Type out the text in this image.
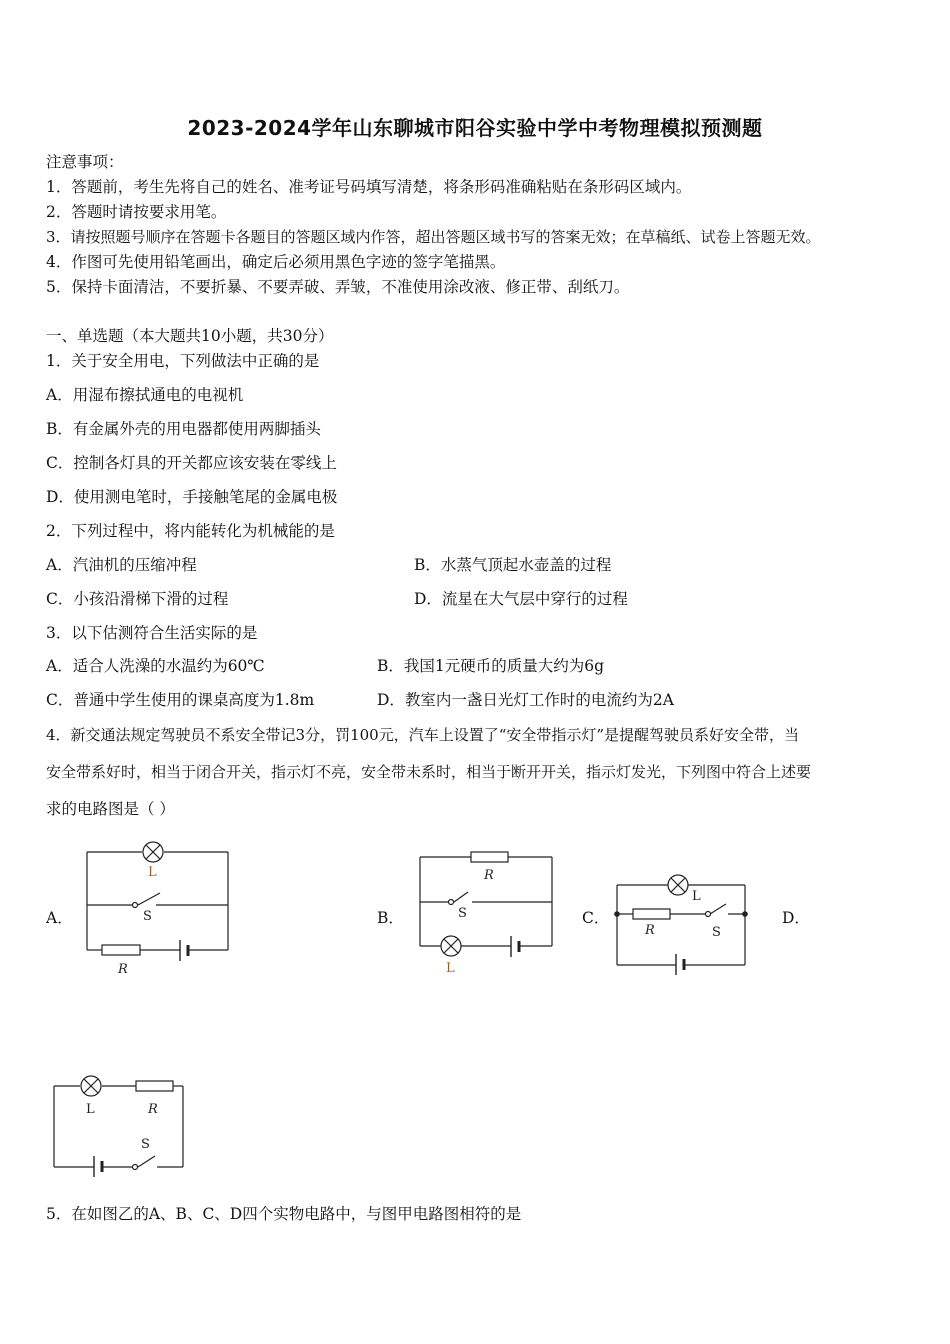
2023-2024学年山东聊城市阳谷实验中学中考物理模拟预测题
注意事项：
1．答题前，考生先将自己的姓名、准考证号码填写清楚，将条形码准确粘贴在条形码区域内。
2．答题时请按要求用笔。
3．请按照题号顺序在答题卡各题目的答题区域内作答，超出答题区域书写的答案无效；在草稿纸、试卷上答题无效。
4．作图可先使用铅笔画出，确定后必须用黑色字迹的签字笔描黑。
5．保持卡面清洁，不要折暴、不要弄破、弄皱，不准使用涂改液、修正带、刮纸刀。
一、单选题（本大题共10小题，共30分）
1．关于安全用电，下列做法中正确的是
A．用湿布擦拭通电的电视机
B．有金属外壳的用电器都使用两脚插头
C．控制各灯具的开关都应该安装在零线上
D．使用测电笔时，手接触笔尾的金属电极
2．下列过程中，将内能转化为机械能的是
A．汽油机的压缩冲程	B．水蒸气顶起水壶盖的过程
C．小孩沿滑梯下滑的过程	D．流星在大气层中穿行的过程
3．以下估测符合生活实际的是
A．适合人洗澡的水温约为60℃	B．我国1元硬币的质量大约为6g
C．普通中学生使用的课桌高度为1.8m	D．教室内一盏日光灯工作时的电流约为2A
4．新交通法规定驾驶员不系安全带记3分，罚100元，汽车上设置了“安全带指示灯”是提醒驾驶员系好安全带，当
安全带系好时，相当于闭合开关，指示灯不亮，安全带未系时，相当于断开开关，指示灯发光，下列图中符合上述要
求的电路图是（ ）
A．	B．	C．	D．
L
S
R
R
S
L
L
R	S
L	R
S
5．在如图乙的A、B、C、D四个实物电路中，与图甲电路图相符的是
